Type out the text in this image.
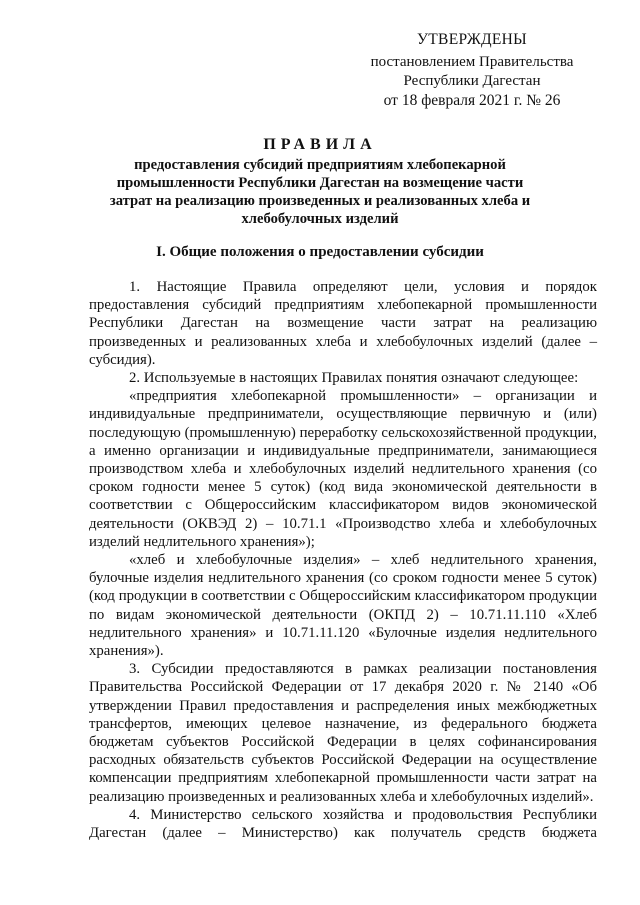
УТВЕРЖДЕНЫ
постановлением Правительства
Республики Дагестан
от 18 февраля 2021 г. № 26
ПРАВИЛА
предоставления субсидий предприятиям хлебопекарной промышленности Республики Дагестан на возмещение части затрат на реализацию произведенных и реализованных хлеба и хлебобулочных изделий
I. Общие положения о предоставлении субсидии

1. Настоящие Правила определяют цели, условия и порядок предоставления субсидий предприятиям хлебопекарной промышленности Республики Дагестан на возмещение части затрат на реализацию произведенных и реализованных хлеба и хлебобулочных изделий (далее – субсидия).

2. Используемые в настоящих Правилах понятия означают следующее:

«предприятия хлебопекарной промышленности» – организации и индивидуальные предприниматели, осуществляющие первичную и (или) последующую (промышленную) переработку сельскохозяйственной продукции, а именно организации и индивидуальные предприниматели, занимающиеся производством хлеба и хлебобулочных изделий недлительного хранения (со сроком годности менее 5 суток) (код вида экономической деятельности в соответствии с Общероссийским классификатором видов экономической деятельности (ОКВЭД 2) – 10.71.1 «Производство хлеба и хлебобулочных изделий недлительного хранения»);

«хлеб и хлебобулочные изделия» – хлеб недлительного хранения, булочные изделия недлительного хранения (со сроком годности менее 5 суток) (код продукции в соответствии с Общероссийским классификатором продукции по видам экономической деятельности (ОКПД 2) – 10.71.11.110 «Хлеб недлительного хранения» и 10.71.11.120 «Булочные изделия недлительного хранения»).

3. Субсидии предоставляются в рамках реализации постановления Правительства Российской Федерации от 17 декабря 2020 г. № 2140 «Об утверждении Правил предоставления и распределения иных межбюджетных трансфертов, имеющих целевое назначение, из федерального бюджета бюджетам субъектов Российской Федерации в целях софинансирования расходных обязательств субъектов Российской Федерации на осуществление компенсации предприятиям хлебопекарной промышленности части затрат на реализацию произведенных и реализованных хлеба и хлебобулочных изделий».

4. Министерство сельского хозяйства и продовольствия Республики Дагестан (далее – Министерство) как получатель средств бюджета
